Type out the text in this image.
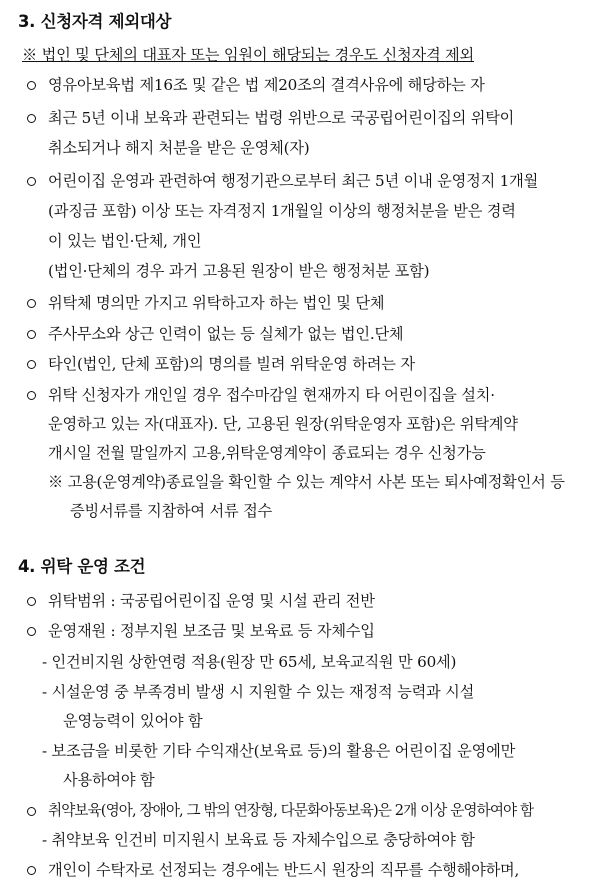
3. 신청자격 제외대상
※ 법인 및 단체의 대표자 또는 임원이 해당되는 경우도 신청자격 제외
영유아보육법 제16조 및 같은 법 제20조의 결격사유에 해당하는 자
최근 5년 이내 보육과 관련되는 법령 위반으로 국공립어린이집의 위탁이
취소되거나 해지 처분을 받은 운영체(자)
어린이집 운영과 관련하여 행정기관으로부터 최근 5년 이내 운영정지 1개월
(과징금 포함) 이상 또는 자격정지 1개월일 이상의 행정처분을 받은 경력
이 있는 법인·단체, 개인
(법인·단체의 경우 과거 고용된 원장이 받은 행정처분 포함)
위탁체 명의만 가지고 위탁하고자 하는 법인 및 단체
주사무소와 상근 인력이 없는 등 실체가 없는 법인.단체
타인(법인, 단체 포함)의 명의를 빌려 위탁운영 하려는 자
위탁 신청자가 개인일 경우 접수마감일 현재까지 타 어린이집을 설치·
운영하고 있는 자(대표자). 단, 고용된 원장(위탁운영자 포함)은 위탁계약
개시일 전월 말일까지 고용,위탁운영계약이 종료되는 경우 신청가능
※ 고용(운영계약)종료일을 확인할 수 있는 계약서 사본 또는 퇴사예정확인서 등
증빙서류를 지참하여 서류 접수
4. 위탁 운영 조건
위탁범위 : 국공립어린이집 운영 및 시설 관리 전반
운영재원 : 정부지원 보조금 및 보육료 등 자체수입
- 인건비지원 상한연령 적용(원장 만 65세, 보육교직원 만 60세)
- 시설운영 중 부족경비 발생 시 지원할 수 있는 재정적 능력과 시설
운영능력이 있어야 함
- 보조금을 비롯한 기타 수익재산(보육료 등)의 활용은 어린이집 운영에만
사용하여야 함
취약보육(영아, 장애아, 그 밖의 연장형, 다문화아동보육)은 2개 이상 운영하여야 함
- 취약보육 인건비 미지원시 보육료 등 자체수입으로 충당하여야 함
개인이 수탁자로 선정되는 경우에는 반드시 원장의 직무를 수행해야하며,
